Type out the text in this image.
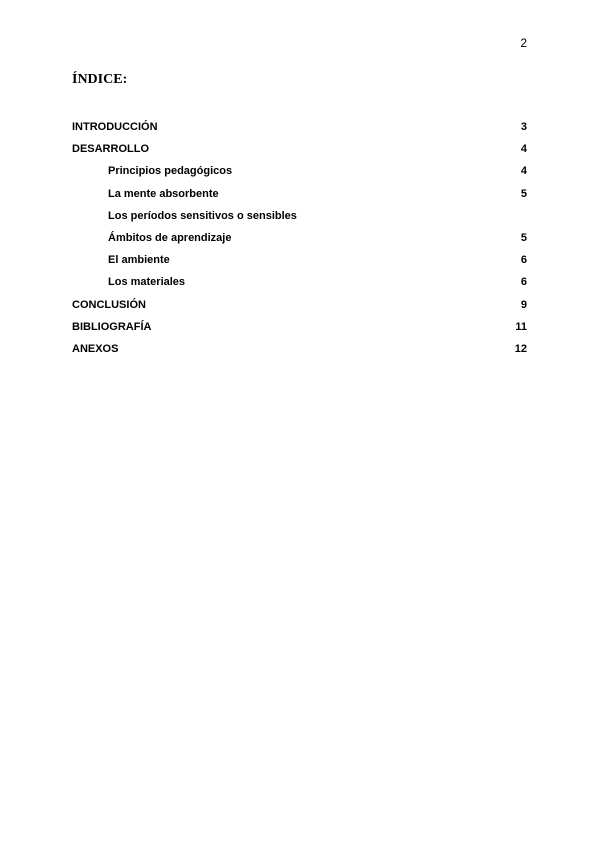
2
ÍNDICE:
INTRODUCCIÓN	3
DESARROLLO	4
Principios pedagógicos	4
La mente absorbente	5
Los períodos sensitivos o sensibles
Ámbitos de aprendizaje	5
El ambiente	6
Los materiales	6
CONCLUSIÓN	9
BIBLIOGRAFÍA	11
ANEXOS	12
